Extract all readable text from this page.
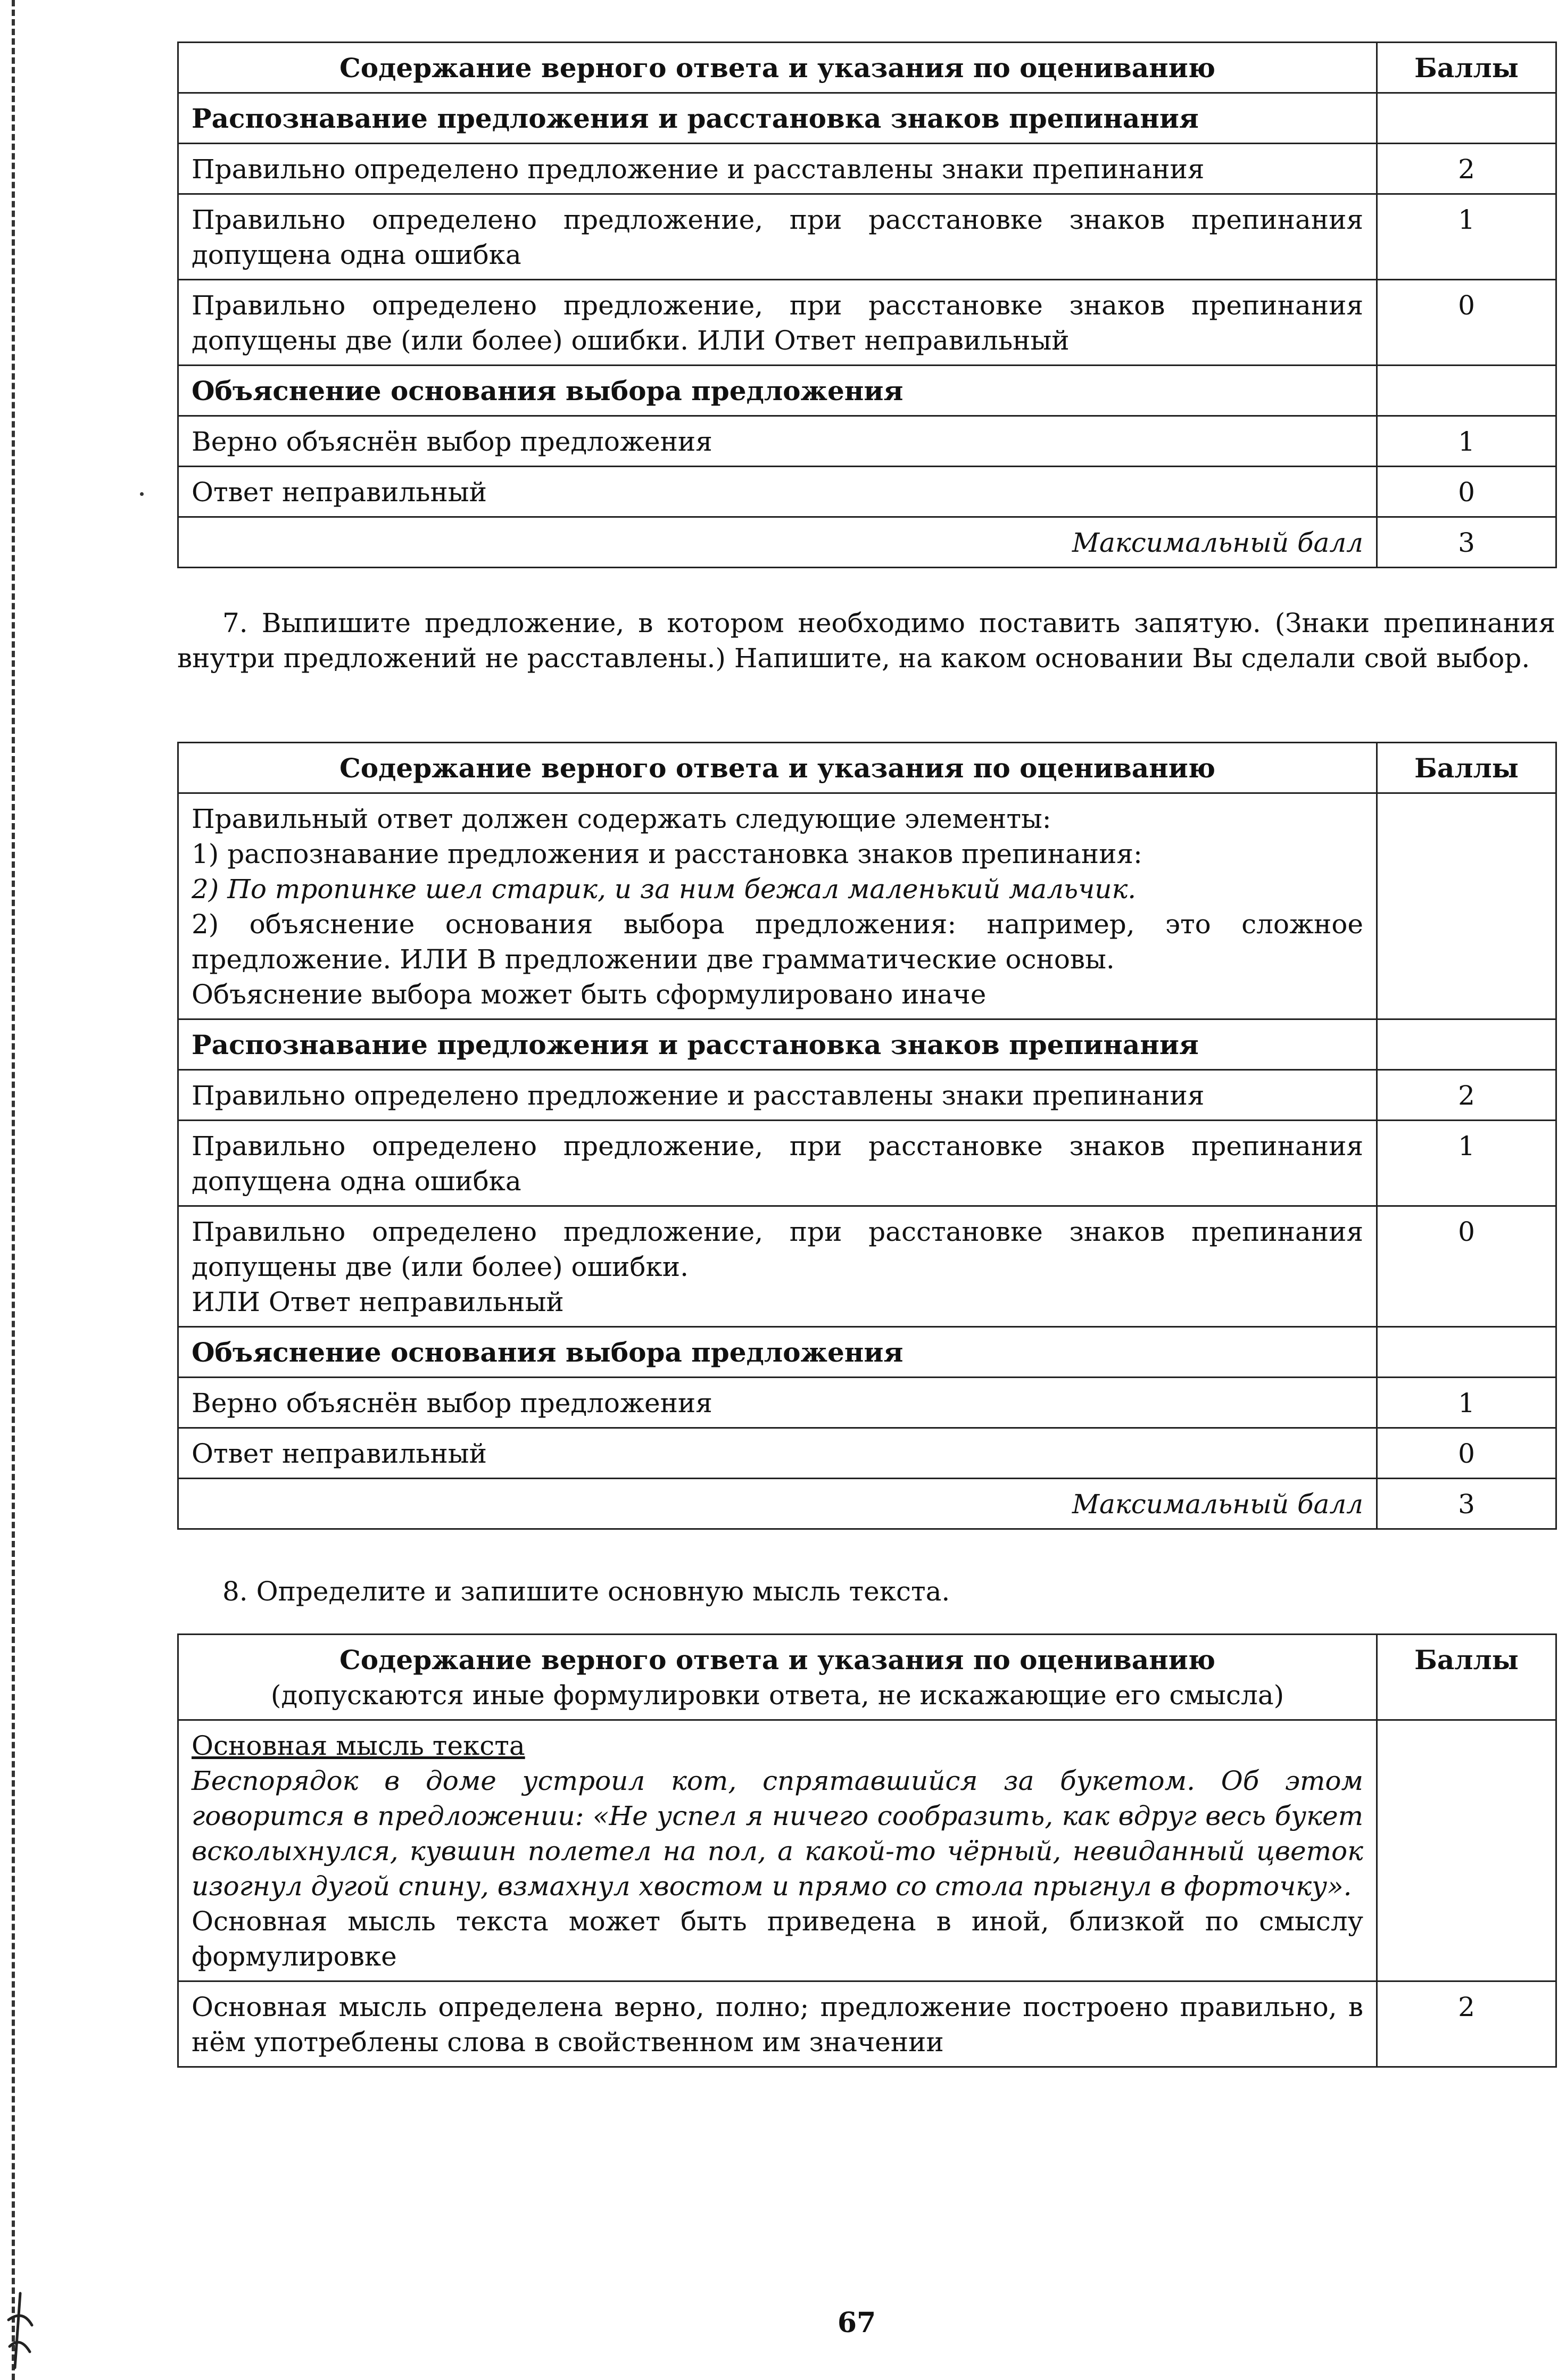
Содержание верного ответа и указания по оцениванию	Баллы
Распознавание предложения и расстановка знаков препинания	
Правильно определено предложение и расставлены знаки препинания	2
Правильно определено предложение, при расстановке знаков препинания допущена одна ошибка	1
Правильно определено предложение, при расстановке знаков препинания допущены две (или более) ошибки. ИЛИ Ответ неправильный	0
Объяснение основания выбора предложения	
Верно объяснён выбор предложения	1
Ответ неправильный	0
Максимальный балл	3
7. Выпишите предложение, в котором необходимо поставить запятую. (Знаки препинания внутри предложений не расставлены.) Напишите, на каком основании Вы сделали свой выбор.
Содержание верного ответа и указания по оцениванию	Баллы

Правильный ответ должен содержать следующие элементы:
1) распознавание предложения и расстановка знаков препинания:
2) По тропинке шел старик, и за ним бежал маленький мальчик.
2) объяснение основания выбора предложения: например, это сложное предложение. ИЛИ В предложении две грамматические основы.
Объяснение выбора может быть сформулировано иначе	

Распознавание предложения и расстановка знаков препинания	
Правильно определено предложение и расставлены знаки препинания	2
Правильно определено предложение, при расстановке знаков препинания допущена одна ошибка	1

Правильно определено предложение, при расстановке знаков препинания допущены две (или более) ошибки.
ИЛИ Ответ неправильный	0
Объяснение основания выбора предложения	
Верно объяснён выбор предложения	1
Ответ неправильный	0
Максимальный балл	3
8. Определите и запишите основную мысль текста.
Содержание верного ответа и указания по оцениванию
(допускаются иные формулировки ответа, не искажающие его смысла)	Баллы

Основная мысль текста
Беспорядок в доме устроил кот, спрятавшийся за букетом. Об этом говорится в предложении: «Не успел я ничего сообразить, как вдруг весь букет всколыхнулся, кувшин полетел на пол, а какой-то чёрный, невиданный цветок изогнул дугой спину, взмахнул хвостом и прямо со стола прыгнул в форточку».
Основная мысль текста может быть приведена в иной, близкой по смыслу формулировке	

Основная мысль определена верно, полно; предложение построено правильно, в нём употреблены слова в свойственном им значении	2
67
